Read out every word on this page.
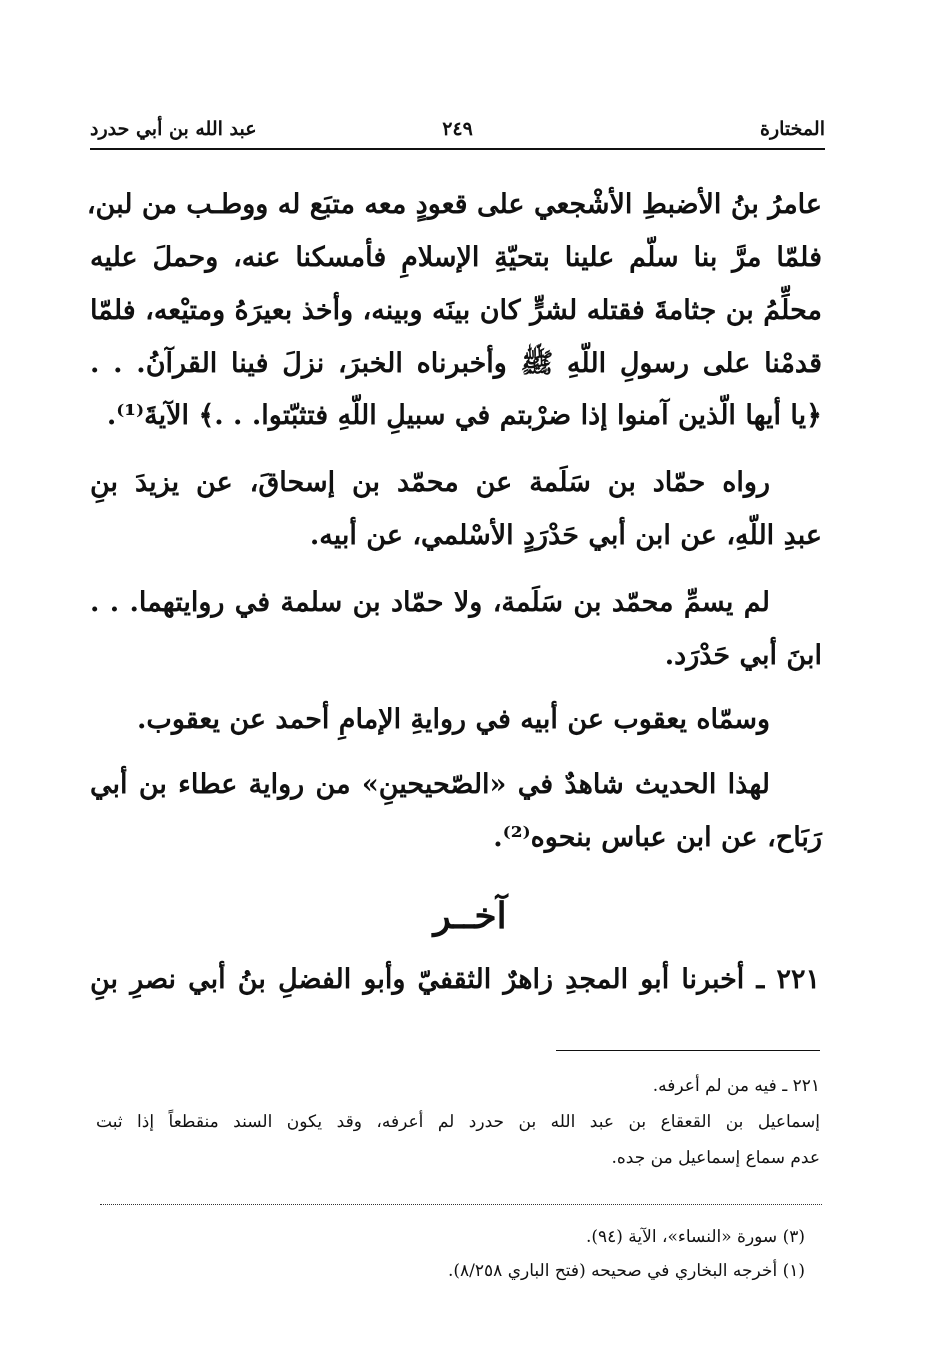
المختارة
٢٤٩
عبد الله بن أبي حدرد
عامرُ بنُ الأضبطِ الأشْجعي على قعودٍ معه متبَع له ووطـب من لبن،
فلمّا مرَّ بنا سلّم علينا بتحيّةِ الإسلامِ فأمسكنا عنه، وحملَ عليه
محلِّمُ بن جثامةَ فقتله لشرٍّ كان بينَه وبينه، وأخذ بعيرَهُ ومتيْعه، فلمّا
قدمْنا على رسولِ اللّهِ ﷺ وأخبرناه الخبرَ، نزلَ فينا القرآنُ. . .
﴿يا أيها الّذين آمنوا إذا ضرْبتم في سبيلِ اللّهِ فتثبّتوا. . .﴾ الآيةَ⁽¹⁾.
رواه حمّاد بن سَلَمة عن محمّد بن إسحاقَ، عن يزيدَ بنِ
عبدِ اللّهِ، عن ابن أبي حَدْرَدٍ الأسْلمي، عن أبيه.
لم يسمِّ محمّد بن سَلَمة، ولا حمّاد بن سلمة في روايتهما. . .
ابنَ أبي حَدْرَد.
وسمّاه يعقوب عن أبيه في روايةِ الإمامِ أحمد عن يعقوب.
لهذا الحديث شاهدٌ في «الصّحيحينِ» من رواية عطاء بن أبي
رَبَاح، عن ابن عباس بنحوه⁽²⁾.
آخــر
٢٢١ ـ أخبرنا أبو المجدِ زاهرٌ الثقفيّ وأبو الفضلِ بنُ أبي نصرِ بنِ
٢٢١ ـ فيه من لم أعرفه.
إسماعيل بن القعقاع بن عبد الله بن حدرد لم أعرفه، وقد يكون السند منقطعاً إذا ثبت
عدم سماع إسماعيل من جده.
(٣) سورة «النساء»، الآية (٩٤).
(١) أخرجه البخاري في صحيحه (فتح الباري ٨/٢٥٨).
